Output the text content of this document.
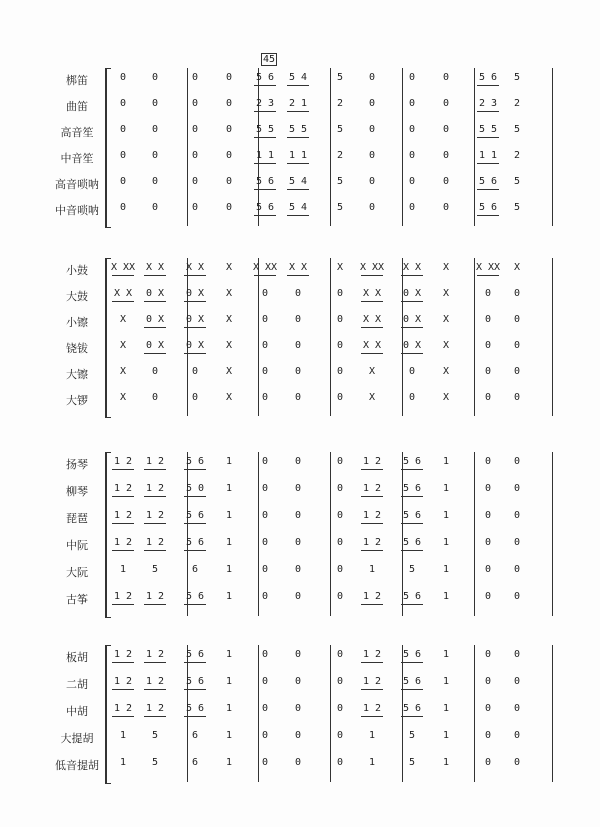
45
梆笛	0	0	0	0	5 6	5 4	5	0	0	0	5 6	5
曲笛	0	0	0	0	2 3	2 1	2	0	0	0	2 3	2
高音笙	0	0	0	0	5 5	5 5	5	0	0	0	5 5	5
中音笙	0	0	0	0	1 1	1 1	2	0	0	0	1 1	2
高音唢呐	0	0	0	0	5 6	5 4	5	0	0	0	5 6	5
中音唢呐	0	0	0	0	5 6	5 4	5	0	0	0	5 6	5
小鼓	X XX	X X	X X	X	X XX	X X	X	X XX	X X	X	X XX	X
大鼓	X X	0 X	0 X	X	0	0	0	X X	0 X	X	0	0
小镲	X	0 X	0 X	X	0	0	0	X X	0 X	X	0	0
铙钹	X	0 X	0 X	X	0	0	0	X X	0 X	X	0	0
大镲	X	0	0	X	0	0	0	X	0	X	0	0
大锣	X	0	0	X	0	0	0	X	0	X	0	0
扬琴	1 2	1 2	5 6	1	0	0	0	1 2	5 6	1	0	0
柳琴	1 2	1 2	5 0	1	0	0	0	1 2	5 6	1	0	0
琵琶	1 2	1 2	5 6	1	0	0	0	1 2	5 6	1	0	0
中阮	1 2	1 2	5 6	1	0	0	0	1 2	5 6	1	0	0
大阮	1	5	6	1	0	0	0	1	5	1	0	0
古筝	1 2	1 2	5 6	1	0	0	0	1 2	5 6	1	0	0
板胡	1 2	1 2	5 6	1	0	0	0	1 2	5 6	1	0	0
二胡	1 2	1 2	5 6	1	0	0	0	1 2	5 6	1	0	0
中胡	1 2	1 2	5 6	1	0	0	0	1 2	5 6	1	0	0
大提胡	1	5	6	1	0	0	0	1	5	1	0	0
低音提胡	1	5	6	1	0	0	0	1	5	1	0	0
